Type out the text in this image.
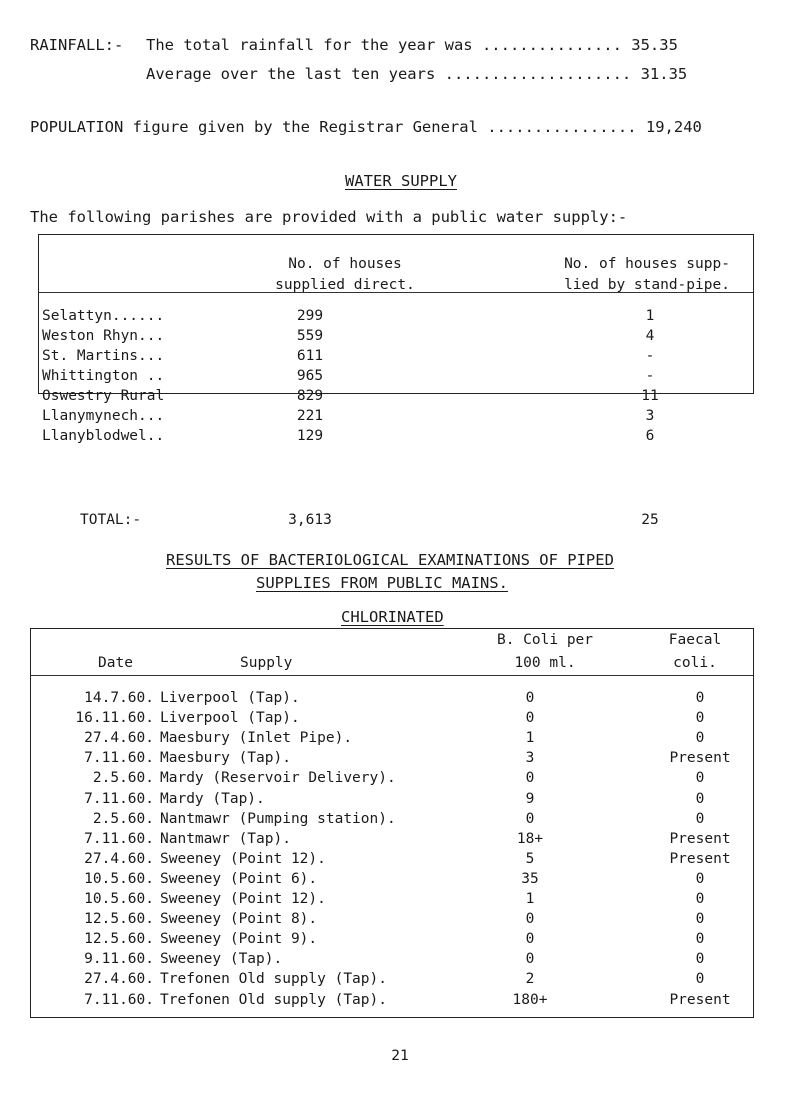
RAINFALL:- The total rainfall for the year was ............... 35.35
Average over the last ten years .................... 31.35
POPULATION figure given by the Registrar General ................ 19,240
WATER SUPPLY
The following parishes are provided with a public water supply:-
No. of houses
supplied direct.
No. of houses supp-
lied by stand-pipe.
Selattyn......	299	1
Weston Rhyn...	559	4
St. Martins...	611	-
Whittington ..	965	-
Oswestry Rural	829	11
Llanymynech...	221	3
Llanyblodwel..	129	6
TOTAL:-	3,613	25
RESULTS OF BACTERIOLOGICAL EXAMINATIONS OF PIPED
SUPPLIES FROM PUBLIC MAINS.
CHLORINATED
Date	Supply
B. Coli per
100 ml.
Faecal
coli.
14.7.60. Liverpool (Tap).	0	0
16.11.60. Liverpool (Tap).	0	0
27.4.60. Maesbury (Inlet Pipe).	1	0
7.11.60. Maesbury (Tap).	3	Present
2.5.60. Mardy (Reservoir Delivery).	0	0
7.11.60. Mardy (Tap).	9	0
2.5.60. Nantmawr (Pumping station).	0	0
7.11.60. Nantmawr (Tap).	18+	Present
27.4.60. Sweeney (Point 12).	5	Present
10.5.60. Sweeney (Point 6).	35	0
10.5.60. Sweeney (Point 12).	1	0
12.5.60. Sweeney (Point 8).	0	0
12.5.60. Sweeney (Point 9).	0	0
9.11.60. Sweeney (Tap).	0	0
27.4.60. Trefonen Old supply (Tap).	2	0
7.11.60. Trefonen Old supply (Tap).	180+	Present
21
